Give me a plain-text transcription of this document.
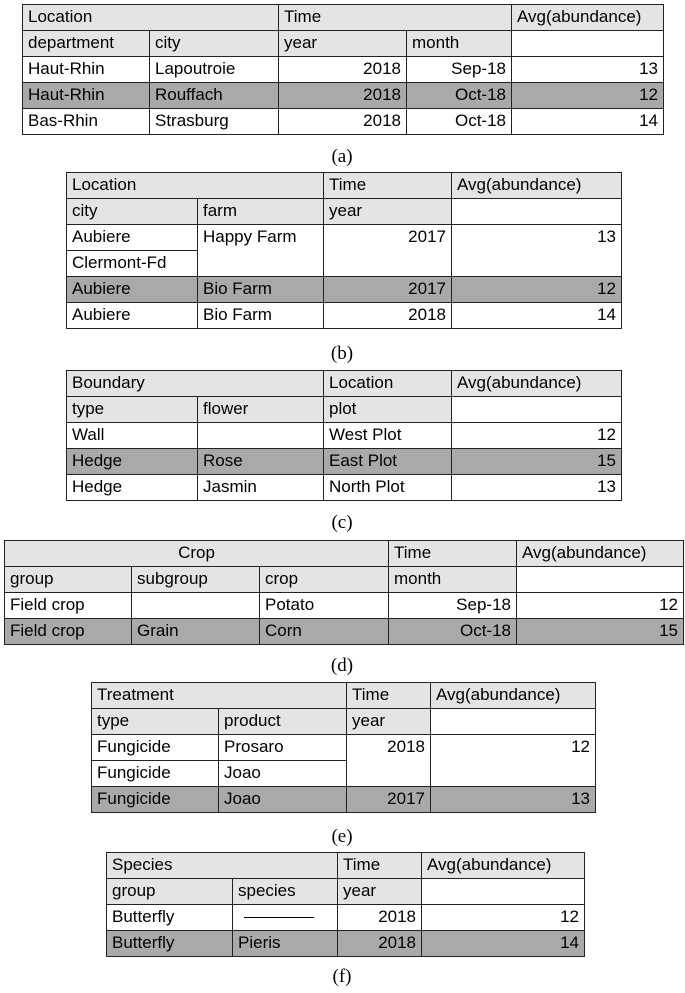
Location		Time		Avg(abundance)
department	city	year	month	
Haut-Rhin	Lapoutroie	2018	Sep-18	13
Haut-Rhin	Rouffach	2018	Oct-18	12
Bas-Rhin	Strasburg	2018	Oct-18	14
(a)
Location		Time	Avg(abundance)
city	farm	year	
Aubiere	Happy Farm	2017	13
Clermont-Fd			
Aubiere	Bio Farm	2017	12
Aubiere	Bio Farm	2018	14
(b)
Boundary		Location	Avg(abundance)
type	flower	plot	
Wall		West Plot	12
Hedge	Rose	East Plot	15
Hedge	Jasmin	North Plot	13
(c)
Crop			Time	Avg(abundance)
group	subgroup	crop	month	
Field crop		Potato	Sep-18	12
Field crop	Grain	Corn	Oct-18	15
(d)
Treatment		Time	Avg(abundance)
type	product	year	
Fungicide	Prosaro	2018	12
Fungicide	Joao		
Fungicide	Joao	2017	13
(e)
Species		Time	Avg(abundance)
group	species	year	
Butterfly		2018	12
Butterfly	Pieris	2018	14
(f)
